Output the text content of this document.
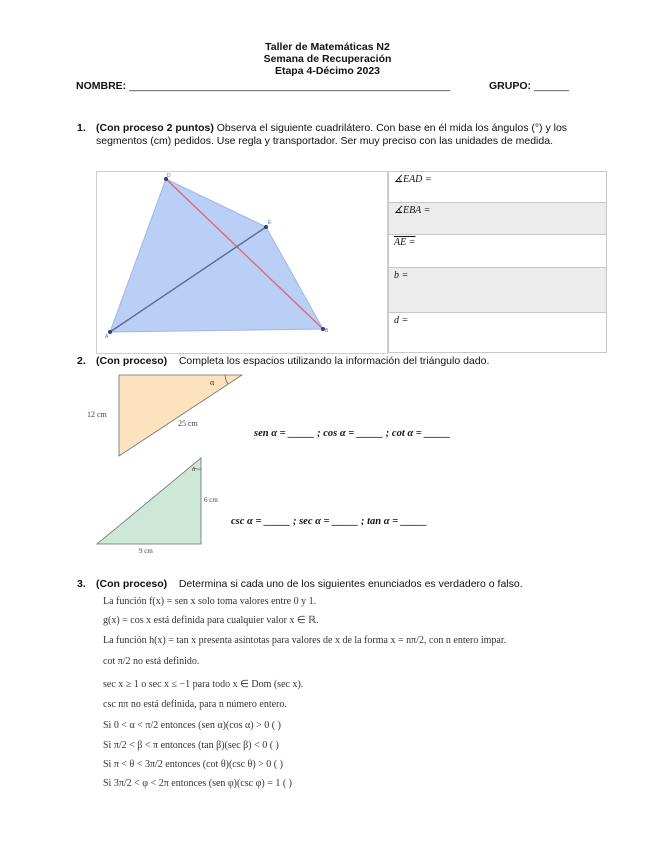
Taller de Matemáticas N2
Semana de Recuperación
Etapa 4-Décimo 2023
NOMBRE: _______________________________________________________	GRUPO: ______
1. (Con proceso 2 puntos) Observa el siguiente cuadrilátero. Con base en él mida los ángulos (°) y los segmentos (cm) pedidos. Use regla y transportador. Ser muy preciso con las unidades de medida.
D
E
A
B
∡EAD =
∡EBA =
AE =
b =
d =
2. (Con proceso) Completa los espacios utilizando la información del triángulo dado.
α
12 cm
25 cm
sen α = _____ ; cos α = _____ ; cot α = _____
α
6 cm
9 cm
csc α = _____ ; sec α = _____ ; tan α = _____
3. (Con proceso) Determina si cada uno de los siguientes enunciados es verdadero o falso.
La función f(x) = sen x solo toma valores entre 0 y 1.
g(x) = cos x está definida para cualquier valor x ∈ ℝ.
La función h(x) = tan x presenta asíntotas para valores de x de la forma x = nπ/2, con n entero impar.
cot π/2 no está definido.
sec x ≥ 1 o sec x ≤ −1 para todo x ∈ Dom (sec x).
csc nπ no está definida, para n número entero.
Si 0 < α < π/2 entonces (sen α)(cos α) > 0 ( )
Si π/2 < β < π entonces (tan β)(sec β) < 0 ( )
Si π < θ < 3π/2 entonces (cot θ)(csc θ) > 0 ( )
Si 3π/2 < φ < 2π entonces (sen φ)(csc φ) = 1 ( )
